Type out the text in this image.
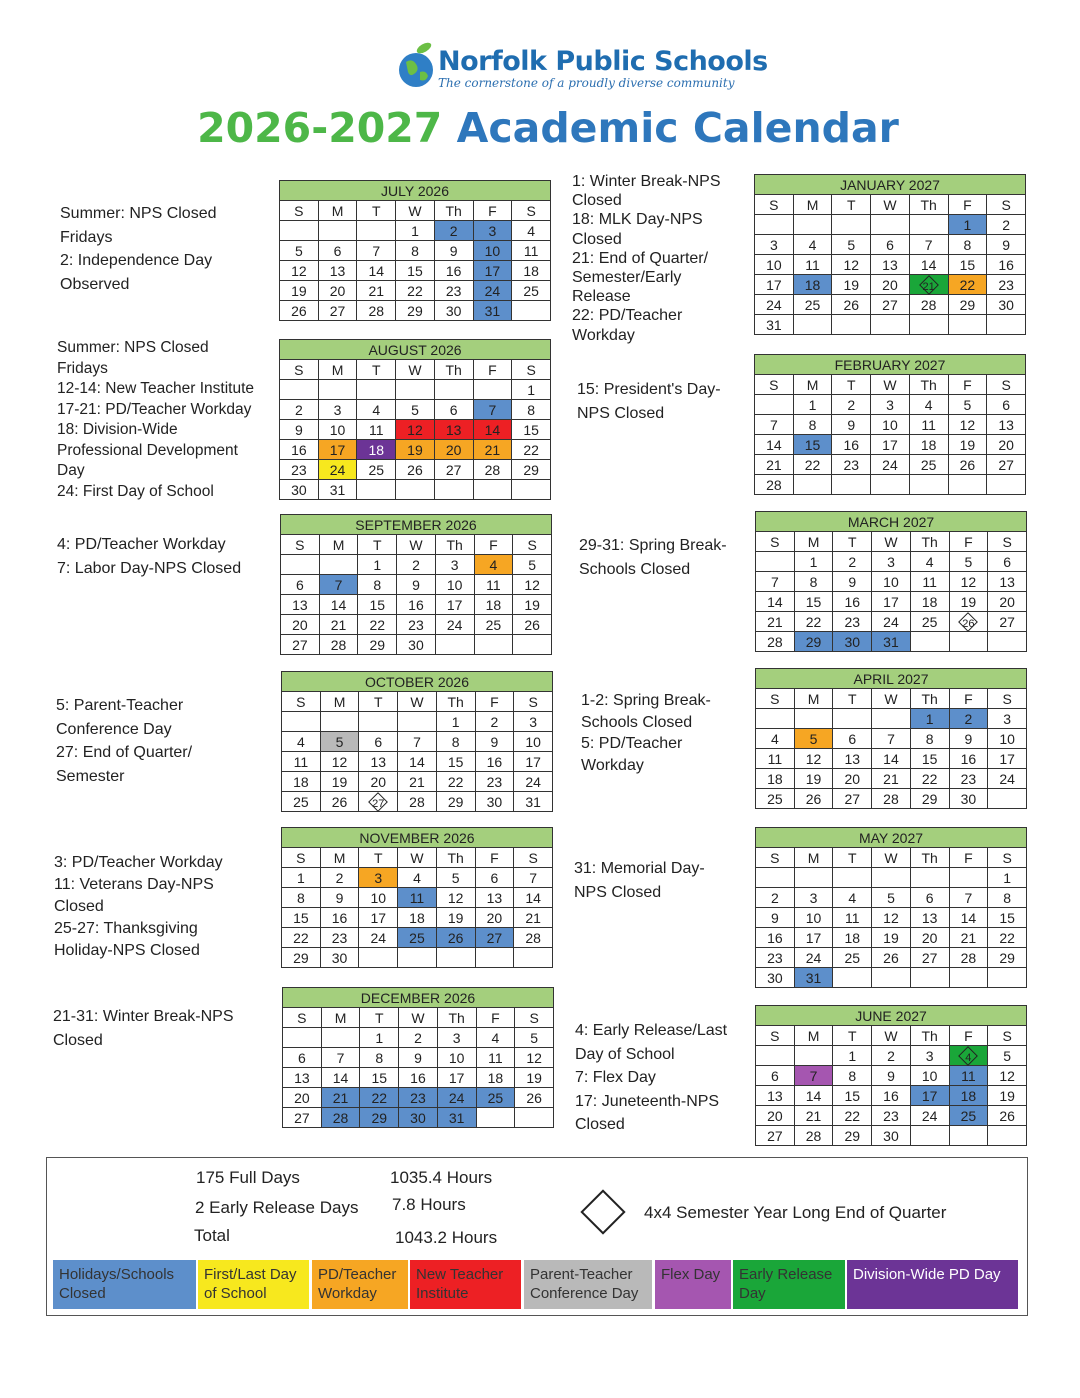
Norfolk Public Schools
The cornerstone of a proudly diverse community
2026-2027 Academic Calendar
Summer: NPS Closed
Fridays
2: Independence Day
Observed
Summer: NPS Closed
Fridays
12-14: New Teacher Institute
17-21: PD/Teacher Workday
18: Division-Wide
Professional Development
Day
24: First Day of School
4: PD/Teacher Workday
7: Labor Day-NPS Closed
5: Parent-Teacher
Conference Day
27: End of Quarter/
Semester
3: PD/Teacher Workday
11: Veterans Day-NPS
Closed
25-27: Thanksgiving
Holiday-NPS Closed
21-31: Winter Break-NPS
Closed
1: Winter Break-NPS
Closed
18: MLK Day-NPS
Closed
21: End of Quarter/
Semester/Early
Release
22: PD/Teacher
Workday
15: President's Day-
NPS Closed
29-31: Spring Break-
Schools Closed
1-2: Spring Break-
Schools Closed
5: PD/Teacher
Workday
31: Memorial Day-
NPS Closed
4: Early Release/Last
Day of School
7: Flex Day
17: Juneteenth-NPS
Closed
JULY 2026						
S	M	T	W	Th	F	S
			1	2	3	4
5	6	7	8	9	10	11
12	13	14	15	16	17	18
19	20	21	22	23	24	25
26	27	28	29	30	31	
AUGUST 2026						
S	M	T	W	Th	F	S
						1
2	3	4	5	6	7	8
9	10	11	12	13	14	15
16	17	18	19	20	21	22
23	24	25	26	27	28	29
30	31					
SEPTEMBER 2026						
S	M	T	W	Th	F	S
		1	2	3	4	5
6	7	8	9	10	11	12
13	14	15	16	17	18	19
20	21	22	23	24	25	26
27	28	29	30			
OCTOBER 2026						
S	M	T	W	Th	F	S
				1	2	3
4	5	6	7	8	9	10
11	12	13	14	15	16	17
18	19	20	21	22	23	24
25	26	27	28	29	30	31
NOVEMBER 2026						
S	M	T	W	Th	F	S
1	2	3	4	5	6	7
8	9	10	11	12	13	14
15	16	17	18	19	20	21
22	23	24	25	26	27	28
29	30					
DECEMBER 2026						
S	M	T	W	Th	F	S
		1	2	3	4	5
6	7	8	9	10	11	12
13	14	15	16	17	18	19
20	21	22	23	24	25	26
27	28	29	30	31		
JANUARY 2027						
S	M	T	W	Th	F	S
					1	2
3	4	5	6	7	8	9
10	11	12	13	14	15	16
17	18	19	20	21	22	23
24	25	26	27	28	29	30
31						
FEBRUARY 2027						
S	M	T	W	Th	F	S
	1	2	3	4	5	6
7	8	9	10	11	12	13
14	15	16	17	18	19	20
21	22	23	24	25	26	27
28						
MARCH 2027						
S	M	T	W	Th	F	S
	1	2	3	4	5	6
7	8	9	10	11	12	13
14	15	16	17	18	19	20
21	22	23	24	25	26	27
28	29	30	31			
APRIL 2027						
S	M	T	W	Th	F	S
				1	2	3
4	5	6	7	8	9	10
11	12	13	14	15	16	17
18	19	20	21	22	23	24
25	26	27	28	29	30	
MAY 2027						
S	M	T	W	Th	F	S
						1
2	3	4	5	6	7	8
9	10	11	12	13	14	15
16	17	18	19	20	21	22
23	24	25	26	27	28	29
30	31					
JUNE 2027						
S	M	T	W	Th	F	S
		1	2	3	4	5
6	7	8	9	10	11	12
13	14	15	16	17	18	19
20	21	22	23	24	25	26
27	28	29	30			
175 Full Days	1035.4 Hours
2 Early Release Days 7.8 Hours
Total	1043.2 Hours
4x4 Semester Year Long End of Quarter
Holidays/Schools Closed
First/Last Day of School
PD/Teacher Workday
New Teacher Institute
Parent-Teacher Conference Day
Flex Day	Early Release Day
Division-Wide PD Day
